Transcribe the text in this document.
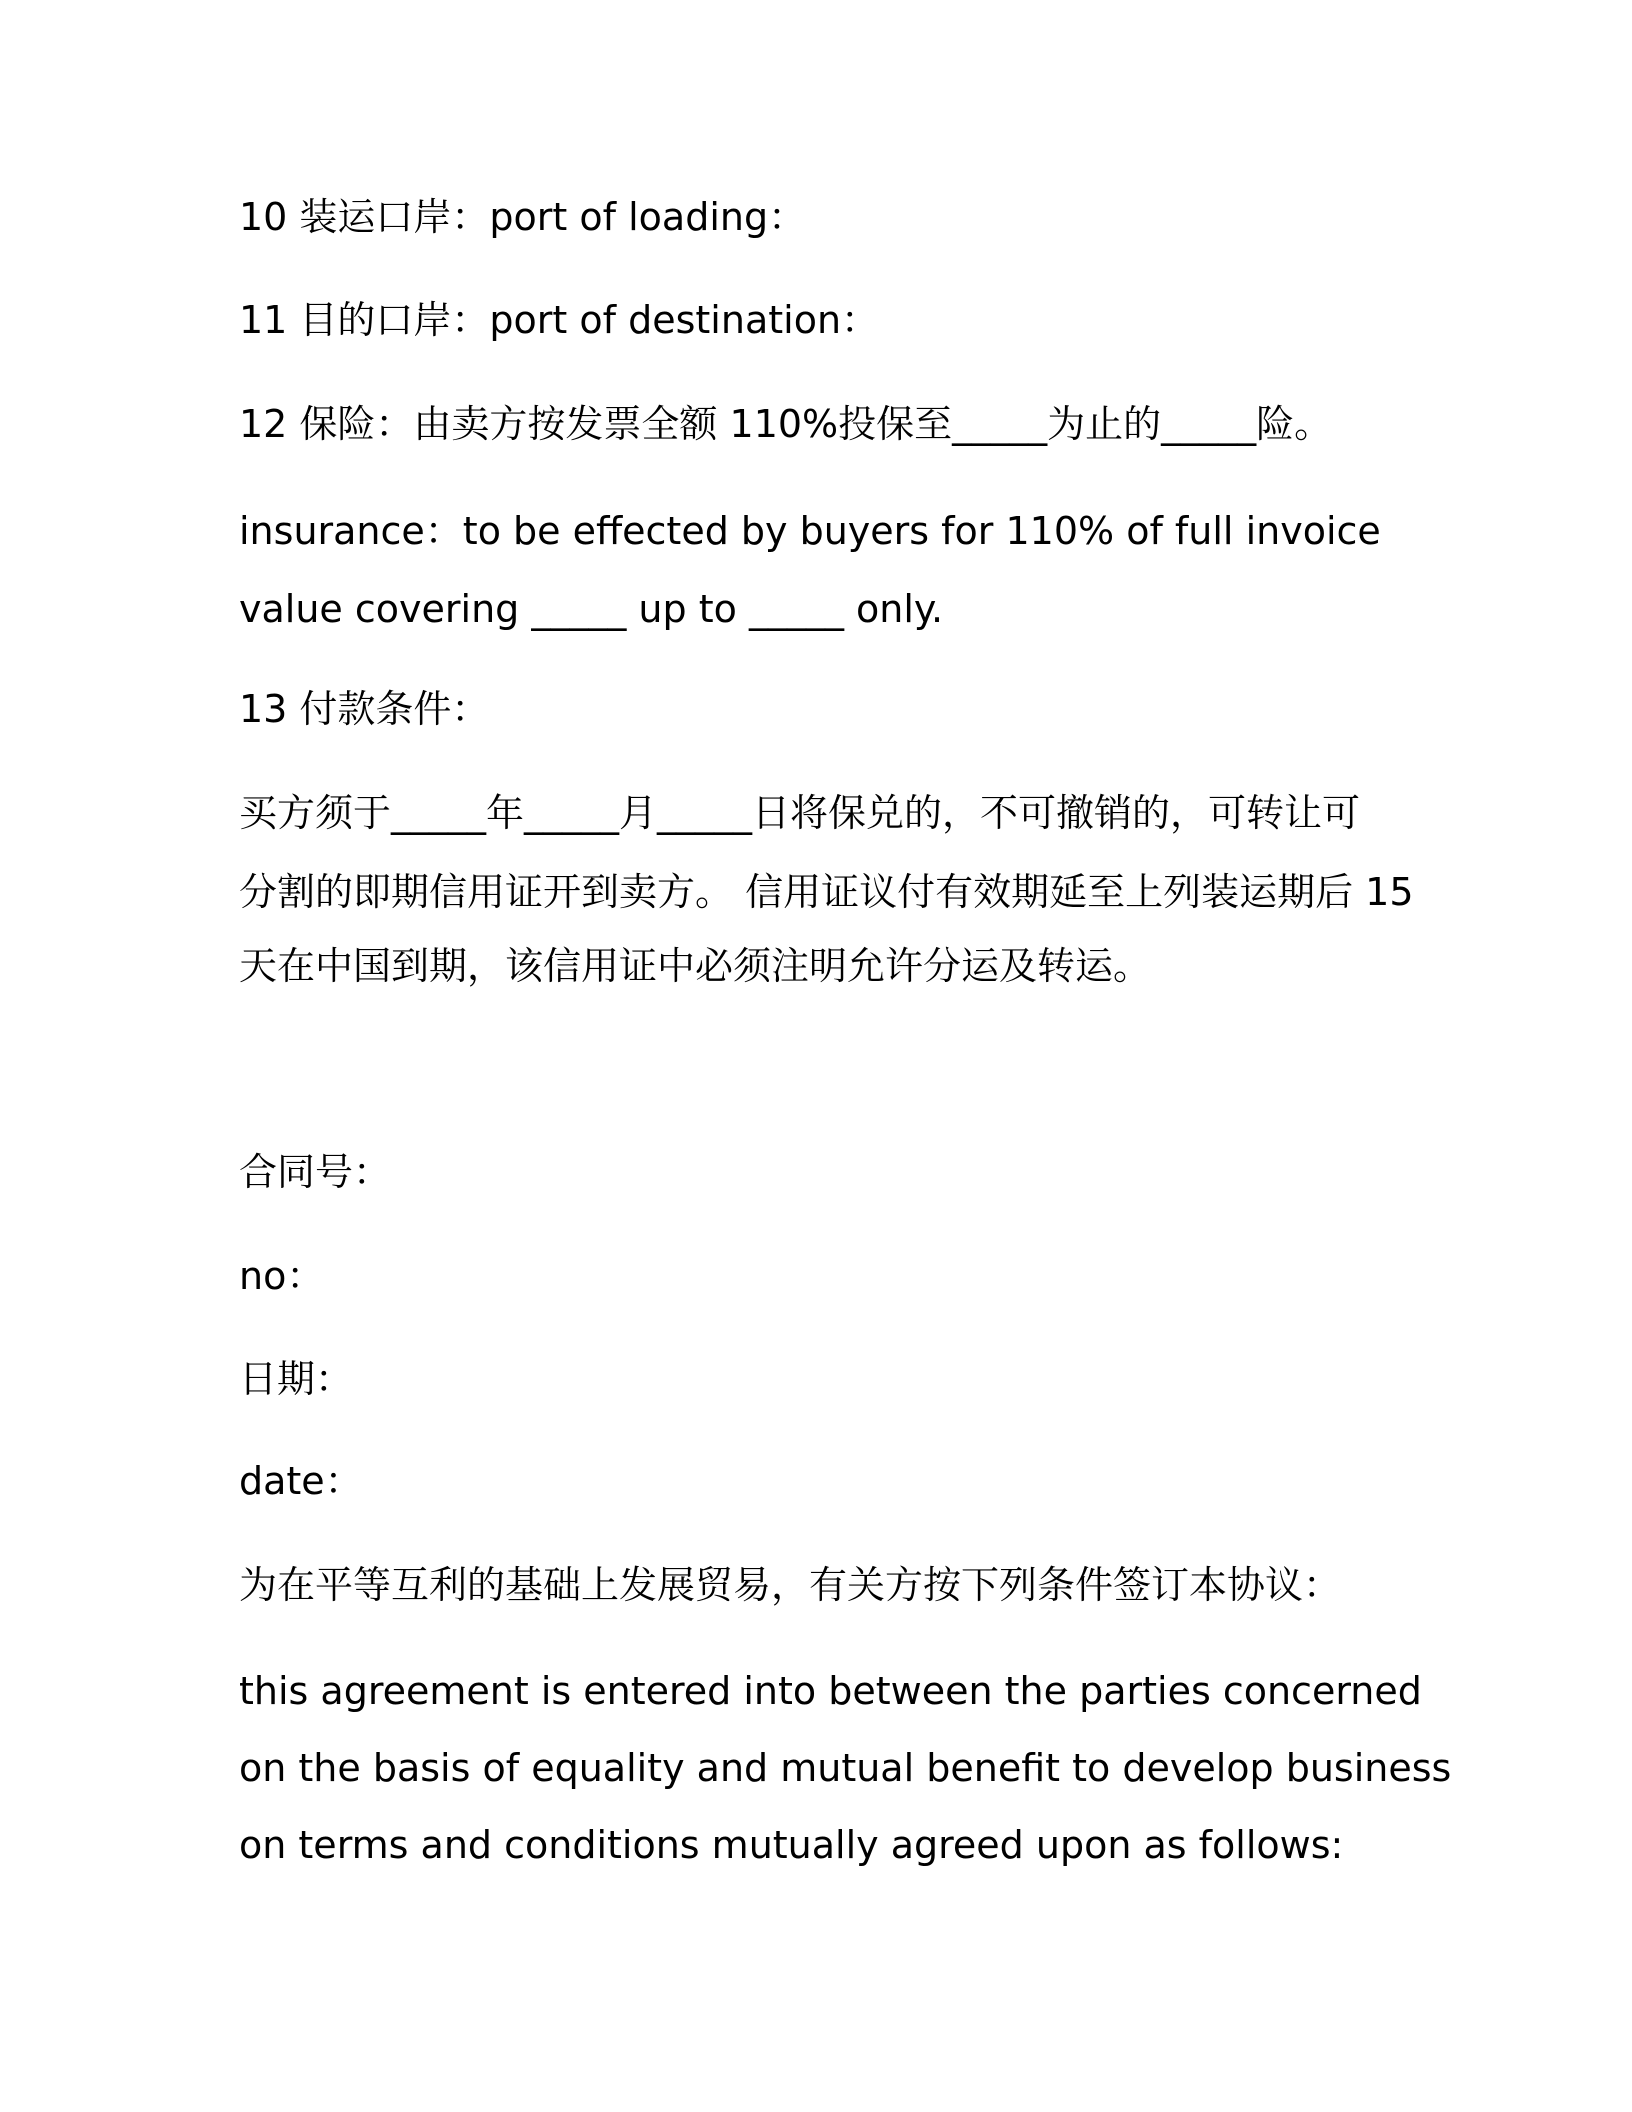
10 装运口岸：port of loading：
11 目的口岸：port of destination：
12 保险：由卖方按发票全额 110%投保至_____为止的_____险。
insurance：to be effected by buyers for 110% of full invoice
value covering _____ up to _____ only.
13 付款条件：
买方须于_____年_____月_____日将保兑的，不可撤销的，可转让可
分割的即期信用证开到卖方。 信用证议付有效期延至上列装运期后 15
天在中国到期，该信用证中必须注明允许分运及转运。
合同号：
no：
日期：
date：
为在平等互利的基础上发展贸易，有关方按下列条件签订本协议：
this agreement is entered into between the parties concerned
on the basis of equality and mutual benefit to develop business
on terms and conditions mutually agreed upon as follows:
